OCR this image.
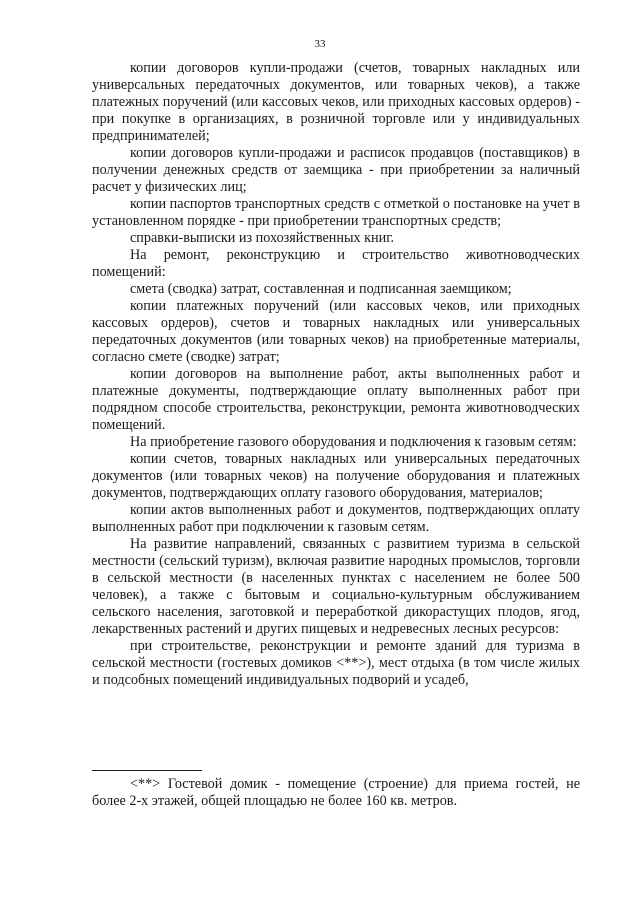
33

копии договоров купли-продажи (счетов, товарных накладных или универсальных передаточных документов, или товарных чеков), а также платежных поручений (или кассовых чеков, или приходных кассовых ордеров) - при покупке в организациях, в розничной торговле или у индивидуальных предпринимателей;

копии договоров купли-продажи и расписок продавцов (поставщиков) в получении денежных средств от заемщика - при приобретении за наличный расчет у физических лиц;

копии паспортов транспортных средств с отметкой о постановке на учет в установленном порядке - при приобретении транспортных средств;

справки-выписки из похозяйственных книг.

На ремонт, реконструкцию и строительство животноводческих помещений:

смета (сводка) затрат, составленная и подписанная заемщиком;

копии платежных поручений (или кассовых чеков, или приходных кассовых ордеров), счетов и товарных накладных или универсальных передаточных документов (или товарных чеков) на приобретенные материалы, согласно смете (сводке) затрат;

копии договоров на выполнение работ, акты выполненных работ и платежные документы, подтверждающие оплату выполненных работ при подрядном способе строительства, реконструкции, ремонта животноводческих помещений.

На приобретение газового оборудования и подключения к газовым сетям:

копии счетов, товарных накладных или универсальных передаточных документов (или товарных чеков) на получение оборудования и платежных документов, подтверждающих оплату газового оборудования, материалов;

копии актов выполненных работ и документов, подтверждающих оплату выполненных работ при подключении к газовым сетям.

На развитие направлений, связанных с развитием туризма в сельской местности (сельский туризм), включая развитие народных промыслов, торговли в сельской местности (в населенных пунктах с населением не более 500 человек), а также с бытовым и социально-культурным обслуживанием сельского населения, заготовкой и переработкой дикорастущих плодов, ягод, лекарственных растений и других пищевых и недревесных лесных ресурсов:

при строительстве, реконструкции и ремонте зданий для туризма в сельской местности (гостевых домиков <**>), мест отдыха (в том числе жилых и подсобных помещений индивидуальных подворий и усадеб,

<**> Гостевой домик - помещение (строение) для приема гостей, не более 2-х этажей, общей площадью не более 160 кв. метров.
